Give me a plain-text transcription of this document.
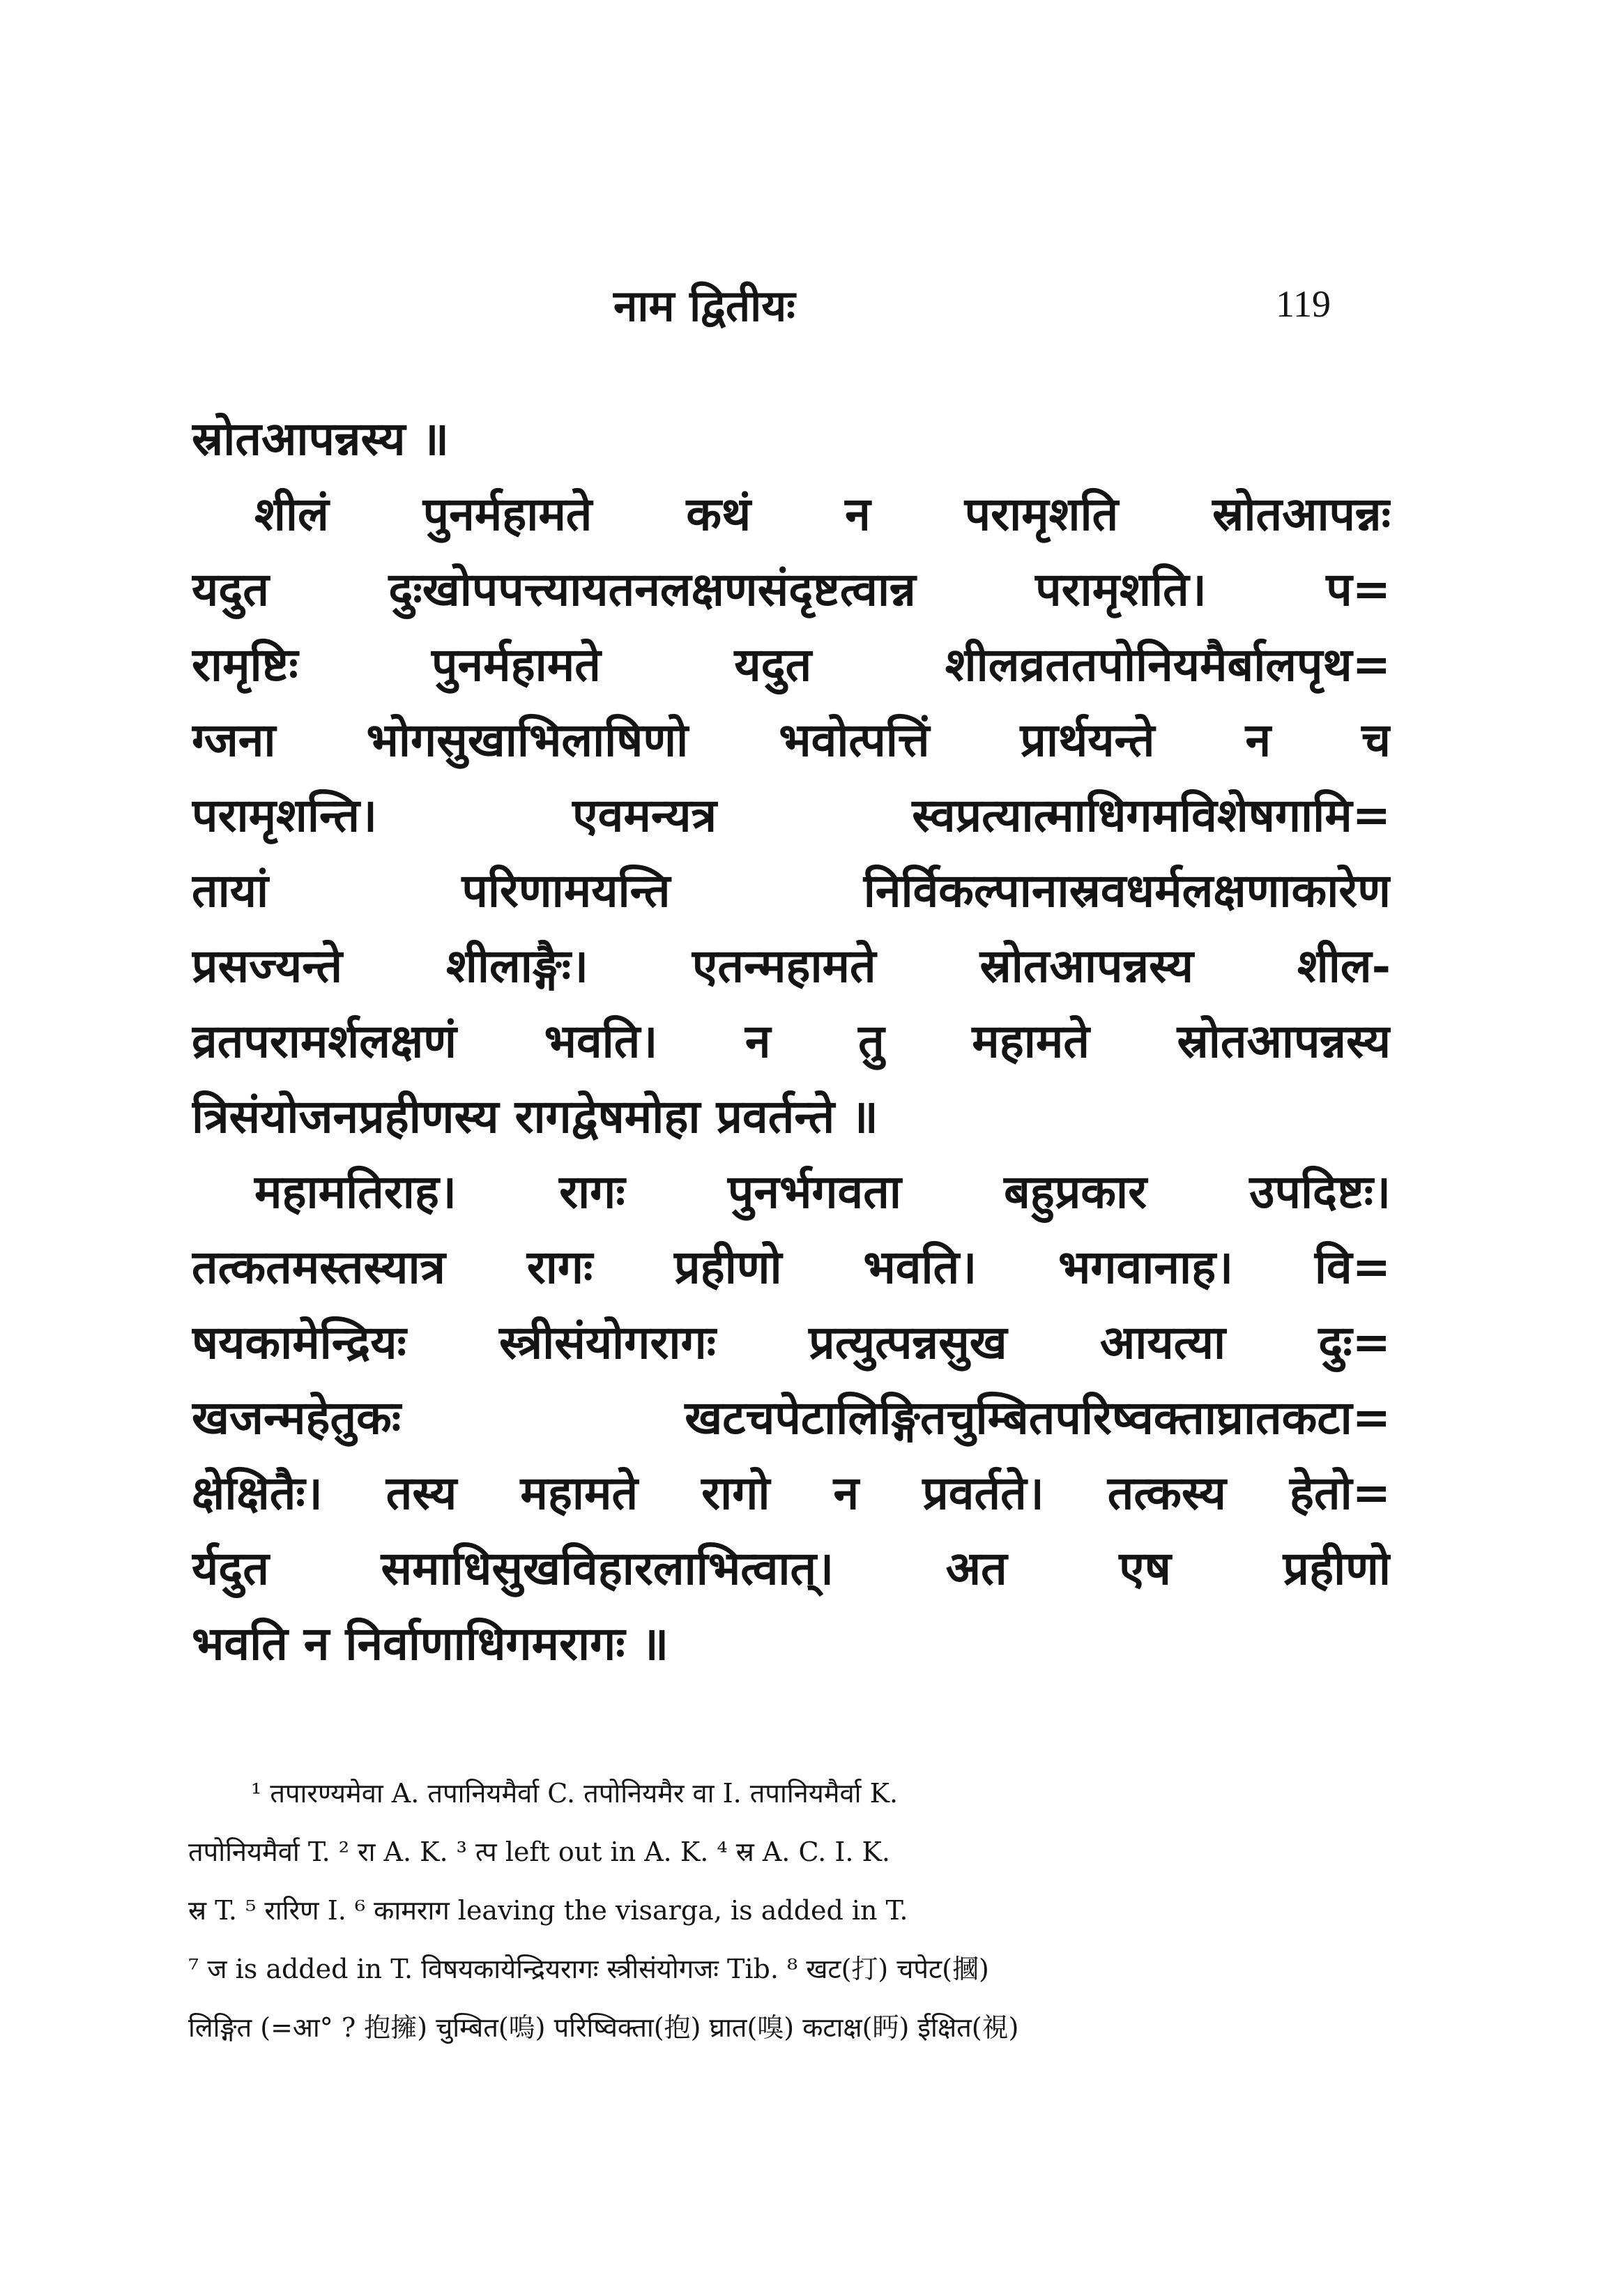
नाम द्वितीयः	119
स्रोतआपन्नस्य ॥
शीलं पुनर्महामते कथं न परामृशति स्रोतआपन्नः
यदुत दुःखोपपत्त्यायतनलक्षणसंदृष्टत्वान्न परामृशति। प=
रामृष्टिः पुनर्महामते यदुत शीलव्रततपोनियमैर्बालपृथ=
ग्जना भोगसुखाभिलाषिणो भवोत्पत्तिं प्रार्थयन्ते न च
परामृशन्ति। एवमन्यत्र स्वप्रत्यात्माधिगमविशेषगामि=
तायां परिणामयन्ति निर्विकल्पानास्रवधर्मलक्षणाकारेण
प्रसज्यन्ते शीलाङ्गैः। एतन्महामते स्रोतआपन्नस्य शील-
व्रतपरामर्शलक्षणं भवति। न तु महामते स्रोतआपन्नस्य
त्रिसंयोजनप्रहीणस्य रागद्वेषमोहा प्रवर्तन्ते ॥
महामतिराह। रागः पुनर्भगवता बहुप्रकार उपदिष्टः।
तत्कतमस्तस्यात्र रागः प्रहीणो भवति। भगवानाह। वि=
षयकामेन्द्रियः स्त्रीसंयोगरागः प्रत्युत्पन्नसुख आयत्या दुः=
खजन्महेतुकः खटचपेटालिङ्गितचुम्बितपरिष्वक्ताघ्रातकटा=
क्षेक्षितैः। तस्य महामते रागो न प्रवर्तते। तत्कस्य हेतो=
र्यदुत समाधिसुखविहारलाभित्वात्। अत एष प्रहीणो
भवति न निर्वाणाधिगमरागः ॥
¹ तपारण्यमेवा A. तपानियमैर्वा C. तपोनियमैर वा I. तपानियमैर्वा K.
तपोनियमैर्वा T. ² रा A. K. ³ त्प left out in A. K. ⁴ स्र A. C. I. K.
स्र T. ⁵ रारिण I. ⁶ कामराग leaving the visarga, is added in T.
⁷ ज is added in T. विषयकायेन्द्रियरागः स्त्रीसंयोगजः Tib. ⁸ खट(打) चपेट(摑)
लिङ्गित (=आ° ? 抱擁) चुम्बित(嗚) परिष्विक्ता(抱) घ्रात(嗅) कटाक्ष(眄) ईक्षित(視)
